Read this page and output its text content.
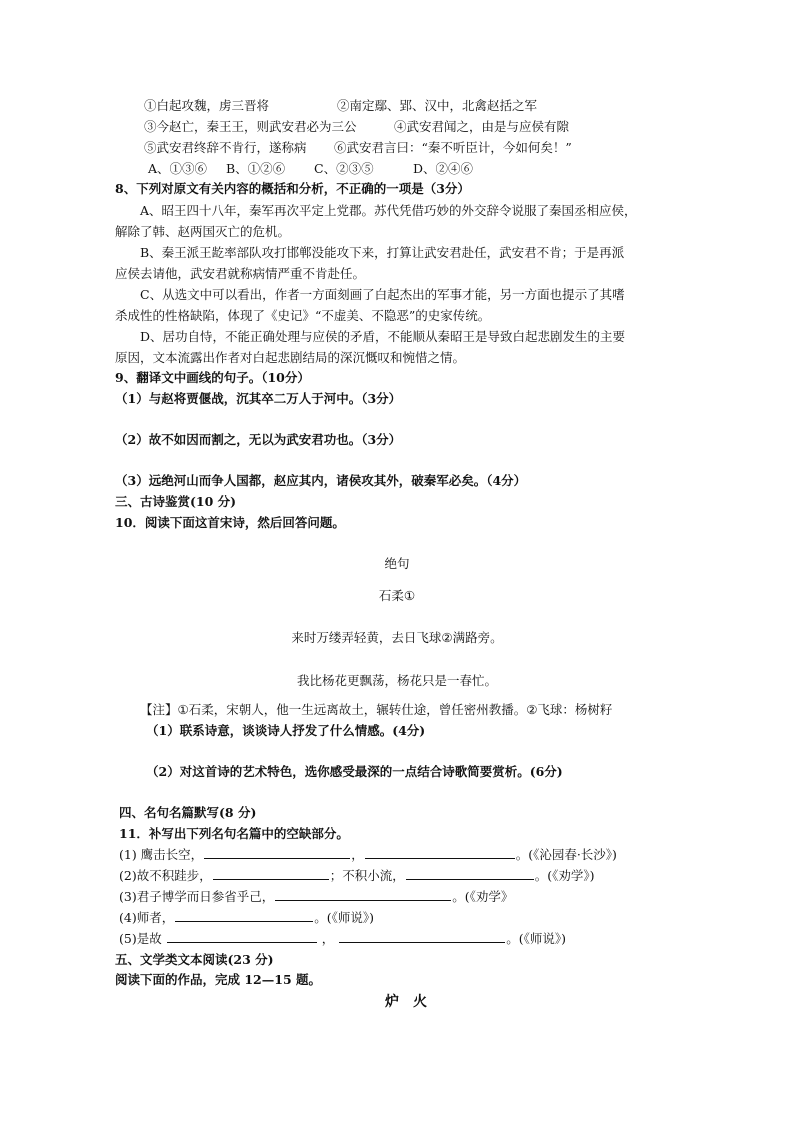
①白起攻魏，虏三晋将	②南定鄢、郢、汉中，北禽赵括之军
③今赵亡，秦王王，则武安君必为三公	④武安君闻之，由是与应侯有隙
⑤武安君终辞不肯行，遂称病 ⑥武安君言曰：“秦不听臣计，今如何矣！”
A、①③⑥ B、①②⑥ C、②③⑤	D、②④⑥
8、下列对原文有关内容的概括和分析，不正确的一项是（3分）
A、昭王四十八年，秦军再次平定上党郡。苏代凭借巧妙的外交辞令说服了秦国丞相应侯，
解除了韩、赵两国灭亡的危机。
B、秦王派王龁率部队攻打邯郸没能攻下来，打算让武安君赴任，武安君不肯；于是再派
应侯去请他，武安君就称病情严重不肯赴任。
C、从选文中可以看出，作者一方面刻画了白起杰出的军事才能，另一方面也提示了其嗜
杀成性的性格缺陷，体现了《史记》“不虚美、不隐恶”的史家传统。
D、居功自恃，不能正确处理与应侯的矛盾，不能顺从秦昭王是导致白起悲剧发生的主要
原因，文本流露出作者对白起悲剧结局的深沉慨叹和惋惜之情。
9、翻译文中画线的句子。（10分）
（1）与赵将贾偃战，沉其卒二万人于河中。（3分）
（2）故不如因而割之，无以为武安君功也。（3分）
（3）远绝河山而争人国都，赵应其内，诸侯攻其外，破秦军必矣。（4分）
三、古诗鉴赏(10 分)
10．阅读下面这首宋诗，然后回答问题。
绝句
石柔①
来时万缕弄轻黄，去日飞球②满路旁。
我比杨花更飘荡，杨花只是一春忙。
【注】①石柔，宋朝人，他一生远离故土，辗转仕途，曾任密州教播。②飞球：杨树籽
（1）联系诗意，谈谈诗人抒发了什么情感。(4分)
（2）对这首诗的艺术特色，选你感受最深的一点结合诗歌简要赏析。(6分)
四、名句名篇默写(8 分)
11．补写出下列名句名篇中的空缺部分。
(1) 鹰击长空，	，	。(《沁园春·长沙》)
(2)故不积跬步，	；不积小流，	。(《劝学》)
(3)君子博学而日参省乎己，	。(《劝学》
(4)师者，	。(《师说》)
(5)是故	，	。(《师说》)
五、文学类文本阅读(23 分)
阅读下面的作品，完成 12—15 题。
炉　火
